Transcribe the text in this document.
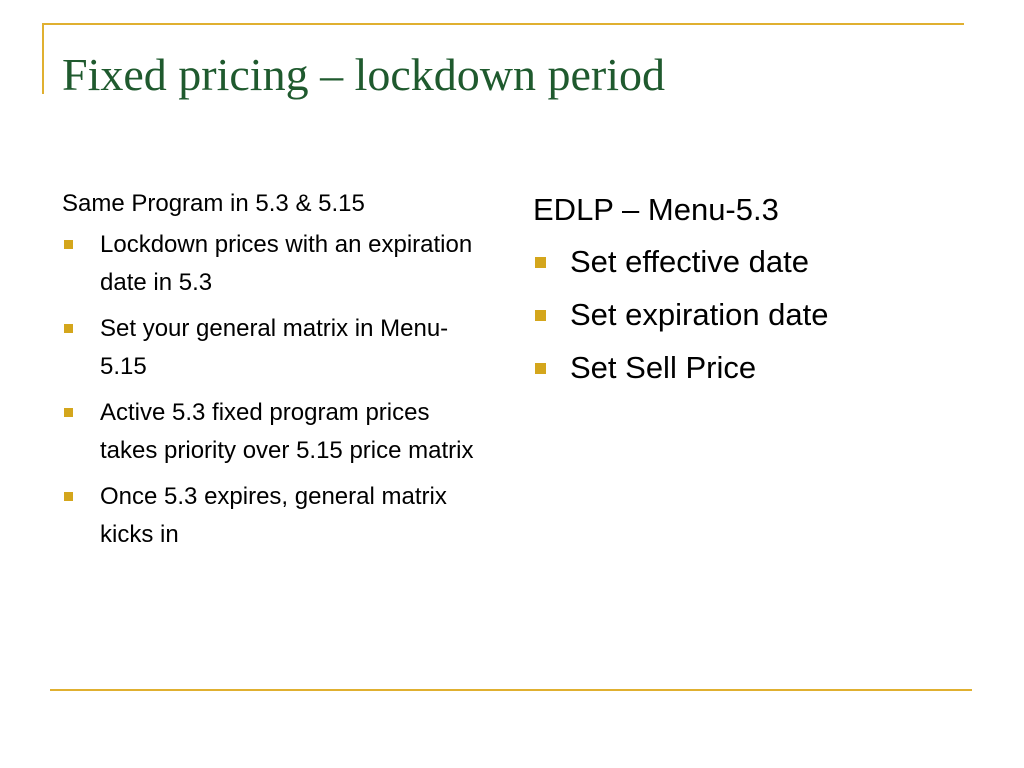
Fixed pricing – lockdown period
Same Program in 5.3 & 5.15
Lockdown prices with an expiration date in 5.3
Set your general matrix in Menu-5.15
Active 5.3 fixed program prices takes priority over 5.15 price matrix
Once 5.3 expires, general matrix kicks in
EDLP – Menu-5.3
Set effective date
Set expiration date
Set Sell Price
